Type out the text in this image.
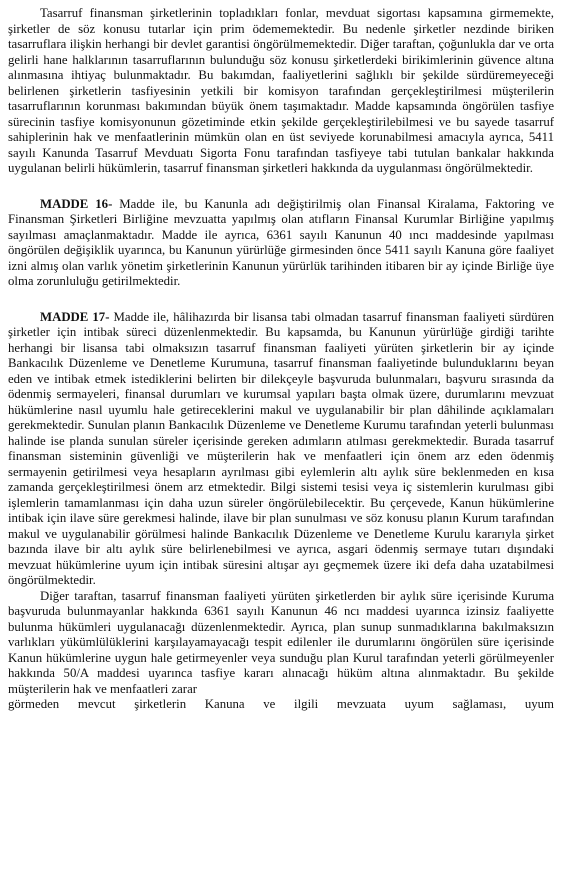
Tasarruf finansman şirketlerinin topladıkları fonlar, mevduat sigortası kapsamına girmemekte, şirketler de söz konusu tutarlar için prim ödememektedir. Bu nedenle şirketler nezdinde biriken tasarruflara ilişkin herhangi bir devlet garantisi öngörülmemektedir. Diğer taraftan, çoğunlukla dar ve orta gelirli hane halklarının tasarruflarının bulunduğu söz konusu şirketlerdeki birikimlerinin güvence altına alınmasına ihtiyaç bulunmaktadır. Bu bakımdan, faaliyetlerini sağlıklı bir şekilde sürdüremeyeceği belirlenen şirketlerin tasfiyesinin yetkili bir komisyon tarafından gerçekleştirilmesi müşterilerin tasarruflarının korunması bakımından büyük önem taşımaktadır. Madde kapsamında öngörülen tasfiye sürecinin tasfiye komisyonunun gözetiminde etkin şekilde gerçekleştirilebilmesi ve bu sayede tasarruf sahiplerinin hak ve menfaatlerinin mümkün olan en üst seviyede korunabilmesi amacıyla ayrıca, 5411 sayılı Kanunda Tasarruf Mevduatı Sigorta Fonu tarafından tasfiyeye tabi tutulan bankalar hakkında uygulanan belirli hükümlerin, tasarruf finansman şirketleri hakkında da uygulanması öngörülmektedir.

MADDE 16- Madde ile, bu Kanunla adı değiştirilmiş olan Finansal Kiralama, Faktoring ve Finansman Şirketleri Birliğine mevzuatta yapılmış olan atıfların Finansal Kurumlar Birliğine yapılmış sayılması amaçlanmaktadır. Madde ile ayrıca, 6361 sayılı Kanunun 40 ıncı maddesinde yapılması öngörülen değişiklik uyarınca, bu Kanunun yürürlüğe girmesinden önce 5411 sayılı Kanuna göre faaliyet izni almış olan varlık yönetim şirketlerinin Kanunun yürürlük tarihinden itibaren bir ay içinde Birliğe üye olma zorunluluğu getirilmektedir.

MADDE 17- Madde ile, hâlihazırda bir lisansa tabi olmadan tasarruf finansman faaliyeti sürdüren şirketler için intibak süreci düzenlenmektedir. Bu kapsamda, bu Kanunun yürürlüğe girdiği tarihte herhangi bir lisansa tabi olmaksızın tasarruf finansman faaliyeti yürüten şirketlerin bir ay içinde Bankacılık Düzenleme ve Denetleme Kurumuna, tasarruf finansman faaliyetinde bulunduklarını beyan eden ve intibak etmek istediklerini belirten bir dilekçeyle başvuruda bulunmaları, başvuru sırasında da ödenmiş sermayeleri, finansal durumları ve kurumsal yapıları başta olmak üzere, durumlarını mevzuat hükümlerine nasıl uyumlu hale getireceklerini makul ve uygulanabilir bir plan dâhilinde açıklamaları gerekmektedir. Sunulan planın Bankacılık Düzenleme ve Denetleme Kurumu tarafından yeterli bulunması halinde ise planda sunulan süreler içerisinde gereken adımların atılması gerekmektedir. Burada tasarruf finansman sisteminin güvenliği ve müşterilerin hak ve menfaatleri için önem arz eden ödenmiş sermayenin getirilmesi veya hesapların ayrılması gibi eylemlerin altı aylık süre beklenmeden en kısa zamanda gerçekleştirilmesi önem arz etmektedir. Bilgi sistemi tesisi veya iç sistemlerin kurulması gibi işlemlerin tamamlanması için daha uzun süreler öngörülebilecektir. Bu çerçevede, Kanun hükümlerine intibak için ilave süre gerekmesi halinde, ilave bir plan sunulması ve söz konusu planın Kurum tarafından makul ve uygulanabilir görülmesi halinde Bankacılık Düzenleme ve Denetleme Kurulu kararıyla şirket bazında ilave bir altı aylık süre belirlenebilmesi ve ayrıca, asgari ödenmiş sermaye tutarı dışındaki mevzuat hükümlerine uyum için intibak süresini altışar ayı geçmemek üzere iki defa daha uzatabilmesi öngörülmektedir.

Diğer taraftan, tasarruf finansman faaliyeti yürüten şirketlerden bir aylık süre içerisinde Kuruma başvuruda bulunmayanlar hakkında 6361 sayılı Kanunun 46 ncı maddesi uyarınca izinsiz faaliyette bulunma hükümleri uygulanacağı düzenlenmektedir. Ayrıca, plan sunup sunmadıklarına bakılmaksızın varlıkları yükümlülüklerini karşılayamayacağı tespit edilenler ile durumlarını öngörülen süre içerisinde Kanun hükümlerine uygun hale getirmeyenler veya sunduğu plan Kurul tarafından yeterli görülmeyenler hakkında 50/A maddesi uyarınca tasfiye kararı alınacağı hüküm altına alınmaktadır. Bu şekilde müşterilerin hak ve menfaatleri zarar

görmeden mevcut şirketlerin Kanuna ve ilgili mevzuata uyum sağlaması, uyum
